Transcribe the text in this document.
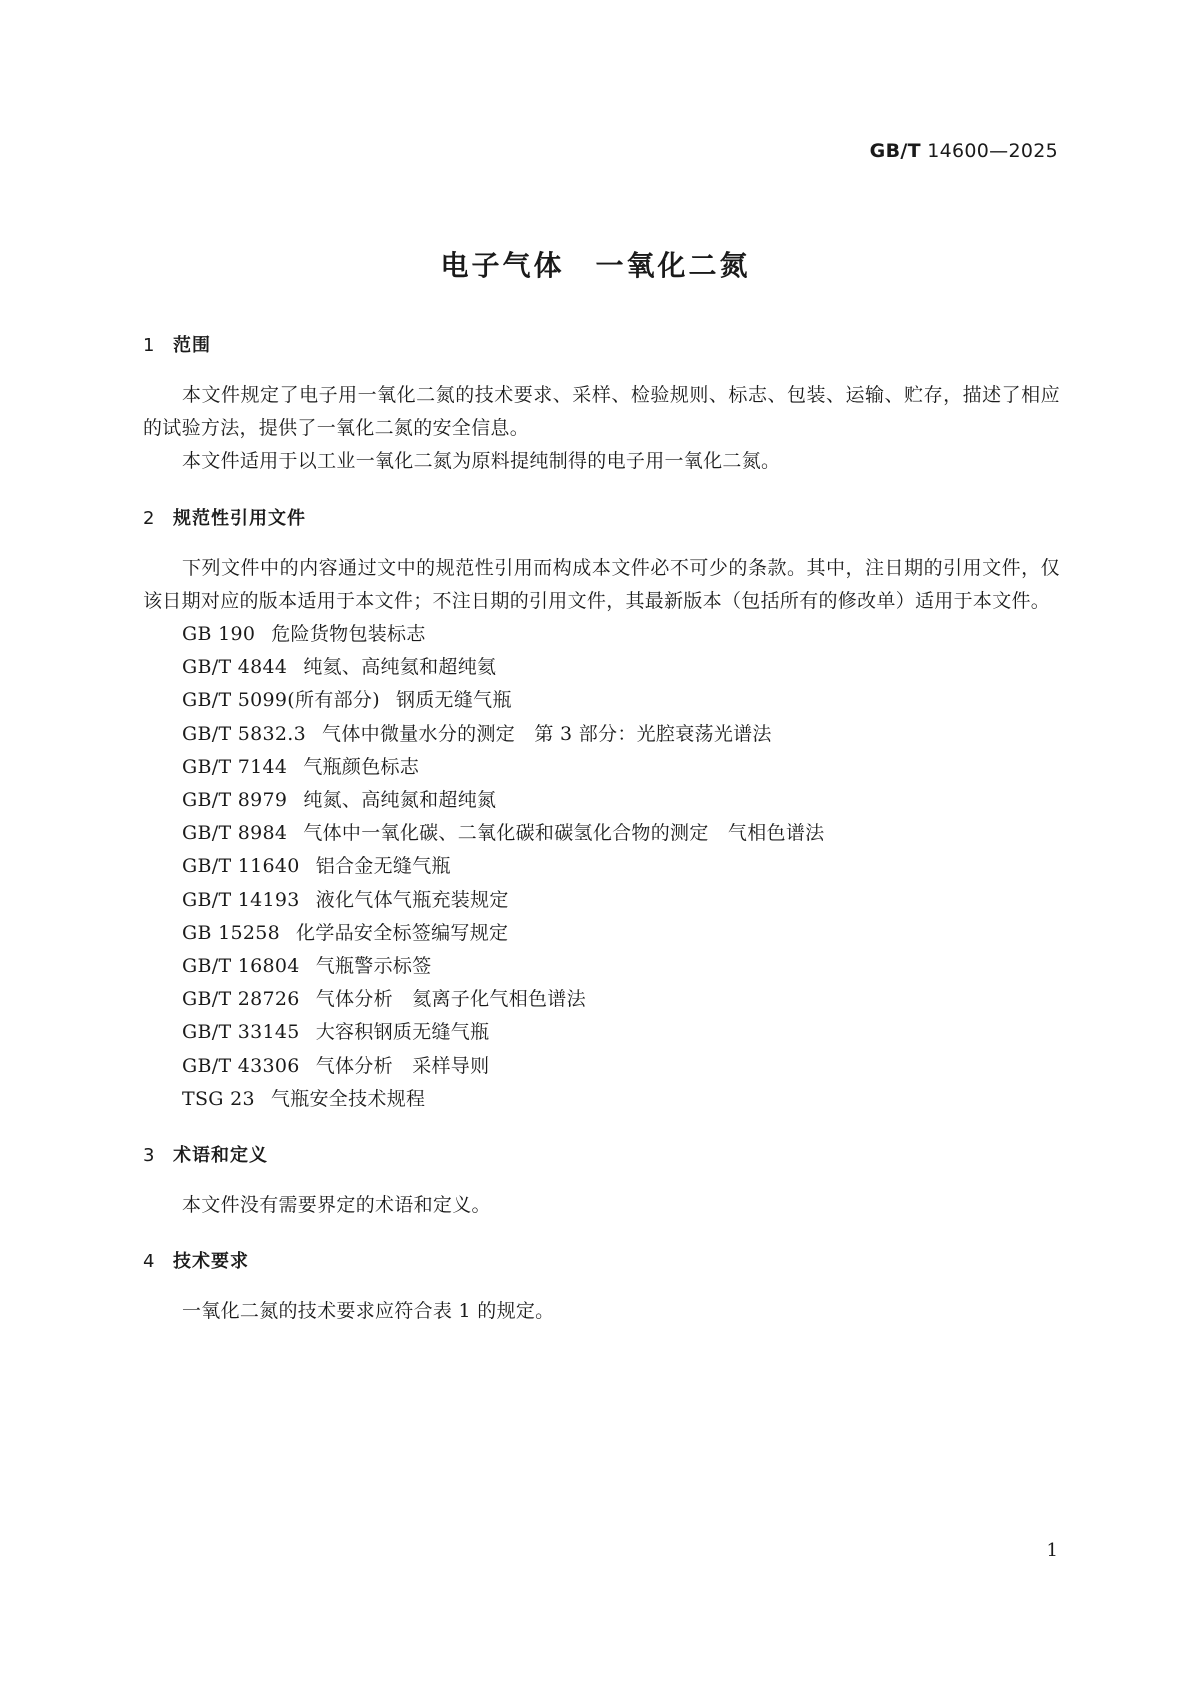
GB/T 14600—2025
电子气体　一氧化二氮
1 范围

本文件规定了电子用一氧化二氮的技术要求、采样、检验规则、标志、包装、运输、贮存，描述了相应的试验方法，提供了一氧化二氮的安全信息。

本文件适用于以工业一氧化二氮为原料提纯制得的电子用一氧化二氮。

2 规范性引用文件

下列文件中的内容通过文中的规范性引用而构成本文件必不可少的条款。其中，注日期的引用文件，仅该日期对应的版本适用于本文件；不注日期的引用文件，其最新版本（包括所有的修改单）适用于本文件。

GB 190 危险货物包装标志
GB/T 4844 纯氦、高纯氦和超纯氦
GB/T 5099(所有部分) 钢质无缝气瓶
GB/T 5832.3 气体中微量水分的测定　第 3 部分：光腔衰荡光谱法
GB/T 7144 气瓶颜色标志
GB/T 8979 纯氮、高纯氮和超纯氮
GB/T 8984 气体中一氧化碳、二氧化碳和碳氢化合物的测定　气相色谱法
GB/T 11640 铝合金无缝气瓶
GB/T 14193 液化气体气瓶充装规定
GB 15258 化学品安全标签编写规定
GB/T 16804 气瓶警示标签
GB/T 28726 气体分析　氦离子化气相色谱法
GB/T 33145 大容积钢质无缝气瓶
GB/T 43306 气体分析　采样导则
TSG 23 气瓶安全技术规程
3 术语和定义

本文件没有需要界定的术语和定义。

4 技术要求

一氧化二氮的技术要求应符合表 1 的规定。

1
